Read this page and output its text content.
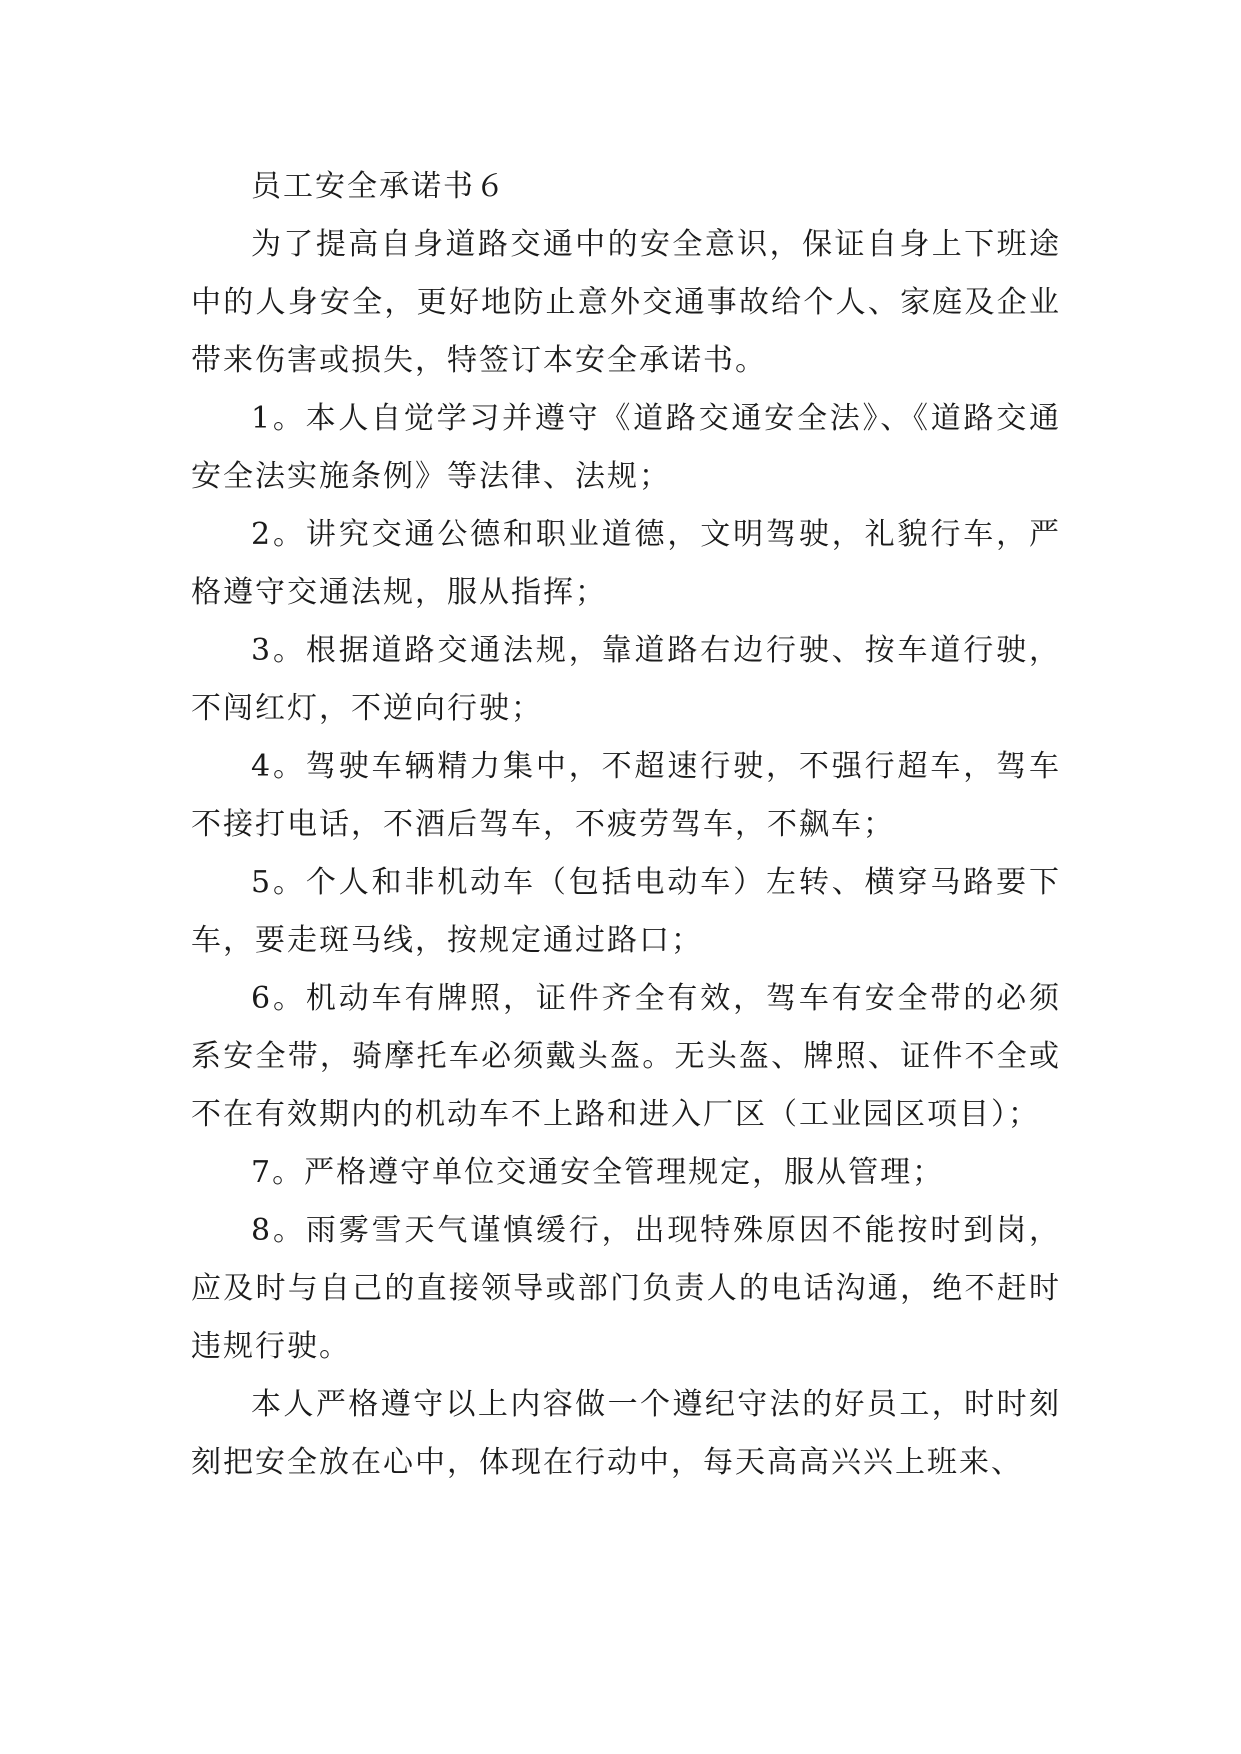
员工安全承诺书６

为了提高自身道路交通中的安全意识，保证自身上下班途中的人身安全，更好地防止意外交通事故给个人、家庭及企业带来伤害或损失，特签订本安全承诺书。

1。本人自觉学习并遵守《道路交通安全法》、《道路交通安全法实施条例》等法律、法规；

2。讲究交通公德和职业道德，文明驾驶，礼貌行车，严格遵守交通法规，服从指挥；

3。根据道路交通法规，靠道路右边行驶、按车道行驶，不闯红灯，不逆向行驶；

4。驾驶车辆精力集中，不超速行驶，不强行超车，驾车不接打电话，不酒后驾车，不疲劳驾车，不飙车；

5。个人和非机动车（包括电动车）左转、横穿马路要下车，要走斑马线，按规定通过路口；

6。机动车有牌照，证件齐全有效，驾车有安全带的必须系安全带，骑摩托车必须戴头盔。无头盔、牌照、证件不全或不在有效期内的机动车不上路和进入厂区（工业园区项目）；

7。严格遵守单位交通安全管理规定，服从管理；

8。雨雾雪天气谨慎缓行，出现特殊原因不能按时到岗，应及时与自己的直接领导或部门负责人的电话沟通，绝不赶时违规行驶。

本人严格遵守以上内容做一个遵纪守法的好员工，时时刻刻把安全放在心中，体现在行动中，每天高高兴兴上班来、
